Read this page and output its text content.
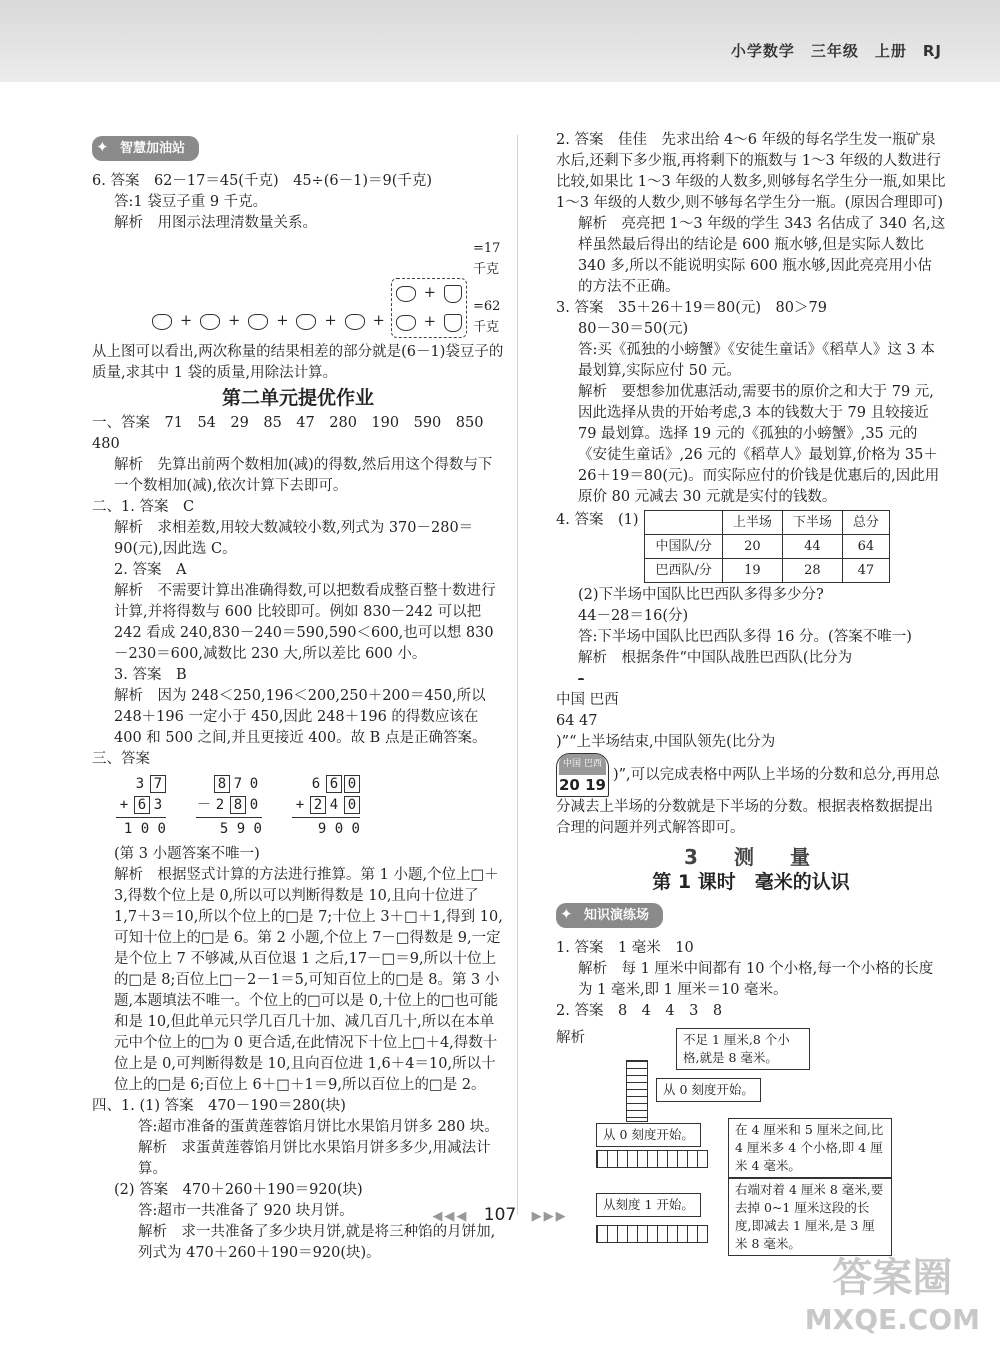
小学数学　三年级　上册　RJ
✦ 智慧加油站

6. 答案　62－17＝45(千克)　45÷(6－1)＝9(千克)

答:1 袋豆子重 9 千克。

解析　用图示法理清数量关系。

+ + + + +
+
+
=17 千克
=62 千克

从上图可以看出,两次称量的结果相差的部分就是(6－1)袋豆子的质量,求其中 1 袋的质量,用除法计算。

第二单元提优作业

一、答案　71　54　29　85　47　280　190　590　850　480

解析　先算出前两个数相加(减)的得数,然后用这个得数与下一个数相加(减),依次计算下去即可。

二、1. 答案　C

解析　求相差数,用较大数减较小数,列式为 370－280＝90(元),因此选 C。

2. 答案　A

解析　不需要计算出准确得数,可以把数看成整百整十数进行计算,并将得数与 600 比较即可。例如 830－242 可以把 242 看成 240,830－240＝590,590＜600,也可以想 830－230＝600,减数比 230 大,所以差比 600 小。

3. 答案　B

解析　因为 248＜250,196＜200,250＋200＝450,所以 248＋196 一定小于 450,因此 248＋196 的得数应该在 400 和 500 之间,并且更接近 400。故 B 点是正确答案。

三、答案

3 7
+ 6 3
1 0 0
8 7 0
－ 2 8 0
5 9 0
6 6 0
+ 2 4 0
9 0 0

(第 3 小题答案不唯一)

解析　根据竖式计算的方法进行推算。第 1 小题,个位上□＋3,得数个位上是 0,所以可以判断得数是 10,且向十位进了 1,7＋3＝10,所以个位上的□是 7;十位上 3＋□＋1,得到 10,可知十位上的□是 6。第 2 小题,个位上 7－□得数是 9,一定是个位上 7 不够减,从百位退 1 之后,17－□＝9,所以十位上的□是 8;百位上□－2－1＝5,可知百位上的□是 8。第 3 小题,本题填法不唯一。个位上的□可以是 0,十位上的□也可能和是 10,但此单元只学几百几十加、减几百几十,所以在本单元中个位上的□为 0 更合适,在此情况下十位上□＋4,得数十位上是 0,可判断得数是 10,且向百位进 1,6＋4＝10,所以十位上的□是 6;百位上 6＋□＋1＝9,所以百位上的□是 2。

四、1. (1) 答案　470－190＝280(块)

答:超市准备的蛋黄莲蓉馅月饼比水果馅月饼多 280 块。

解析　求蛋黄莲蓉馅月饼比水果馅月饼多多少,用减法计算。

(2) 答案　470＋260＋190＝920(块)

答:超市一共准备了 920 块月饼。

解析　求一共准备了多少块月饼,就是将三种馅的月饼加,列式为 470＋260＋190＝920(块)。

2. 答案　佳佳　先求出给 4～6 年级的每名学生发一瓶矿泉水后,还剩下多少瓶,再将剩下的瓶数与 1～3 年级的人数进行比较,如果比 1～3 年级的人数多,则够每名学生分一瓶,如果比 1～3 年级的人数少,则不够每名学生分一瓶。(原因合理即可)

解析　亮亮把 1～3 年级的学生 343 名估成了 340 名,这样虽然最后得出的结论是 600 瓶水够,但是实际人数比 340 多,所以不能说明实际 600 瓶水够,因此亮亮用小估的方法不正确。

3. 答案　35＋26＋19＝80(元)　80＞79

80－30＝50(元)

答:买《孤独的小螃蟹》《安徒生童话》《稻草人》这 3 本最划算,实际应付 50 元。

解析　要想参加优惠活动,需要书的原价之和大于 79 元,因此选择从贵的开始考虑,3 本的钱数大于 79 且较接近 79 最划算。选择 19 元的《孤独的小螃蟹》,35 元的《安徒生童话》,26 元的《稻草人》最划算,价格为 35＋26＋19＝80(元)。而实际应付的价钱是优惠后的,因此用原价 80 元减去 30 元就是实付的钱数。

4. 答案　(1)
		上半场	下半场	总分
中国队/分	20	44	64
巴西队/分	19	28	47

(2)下半场中国队比巴西队多得多少分?

44－28＝16(分)

答:下半场中国队比巴西队多得 16 分。(答案不唯一)

解析　根据条件“中国队战胜巴西队(比分为

中国 巴西
64 47
)”“上半场结束,中国队领先(比分为

中国 巴西
20 19
)”,可以完成表格中两队上半场的分数和总分,再用总分减去上半场的分数就是下半场的分数。根据表格数据提出合理的问题并列式解答即可。

3　测　量
第 1 课时　毫米的认识
✦ 知识演练场

1. 答案　1 毫米　10

解析　每 1 厘米中间都有 10 个小格,每一个小格的长度为 1 毫米,即 1 厘米＝10 毫米。

2. 答案　8　4　4　3　8

解析	不足 1 厘米,8 个小格,就是 8 毫米。
从 0 刻度开始。
从 0 刻度开始。	在 4 厘米和 5 厘米之间,比 4 厘米多 4 个小格,即 4 厘米 4 毫米。
从刻度 1 开始。
右端对着 4 厘米 8 毫米,要去掉 0~1 厘米这段的长度,即减去 1 厘米,是 3 厘米 8 毫米。
◀◀◀ 107 ▶▶▶
答案圈
MXQE.COM
